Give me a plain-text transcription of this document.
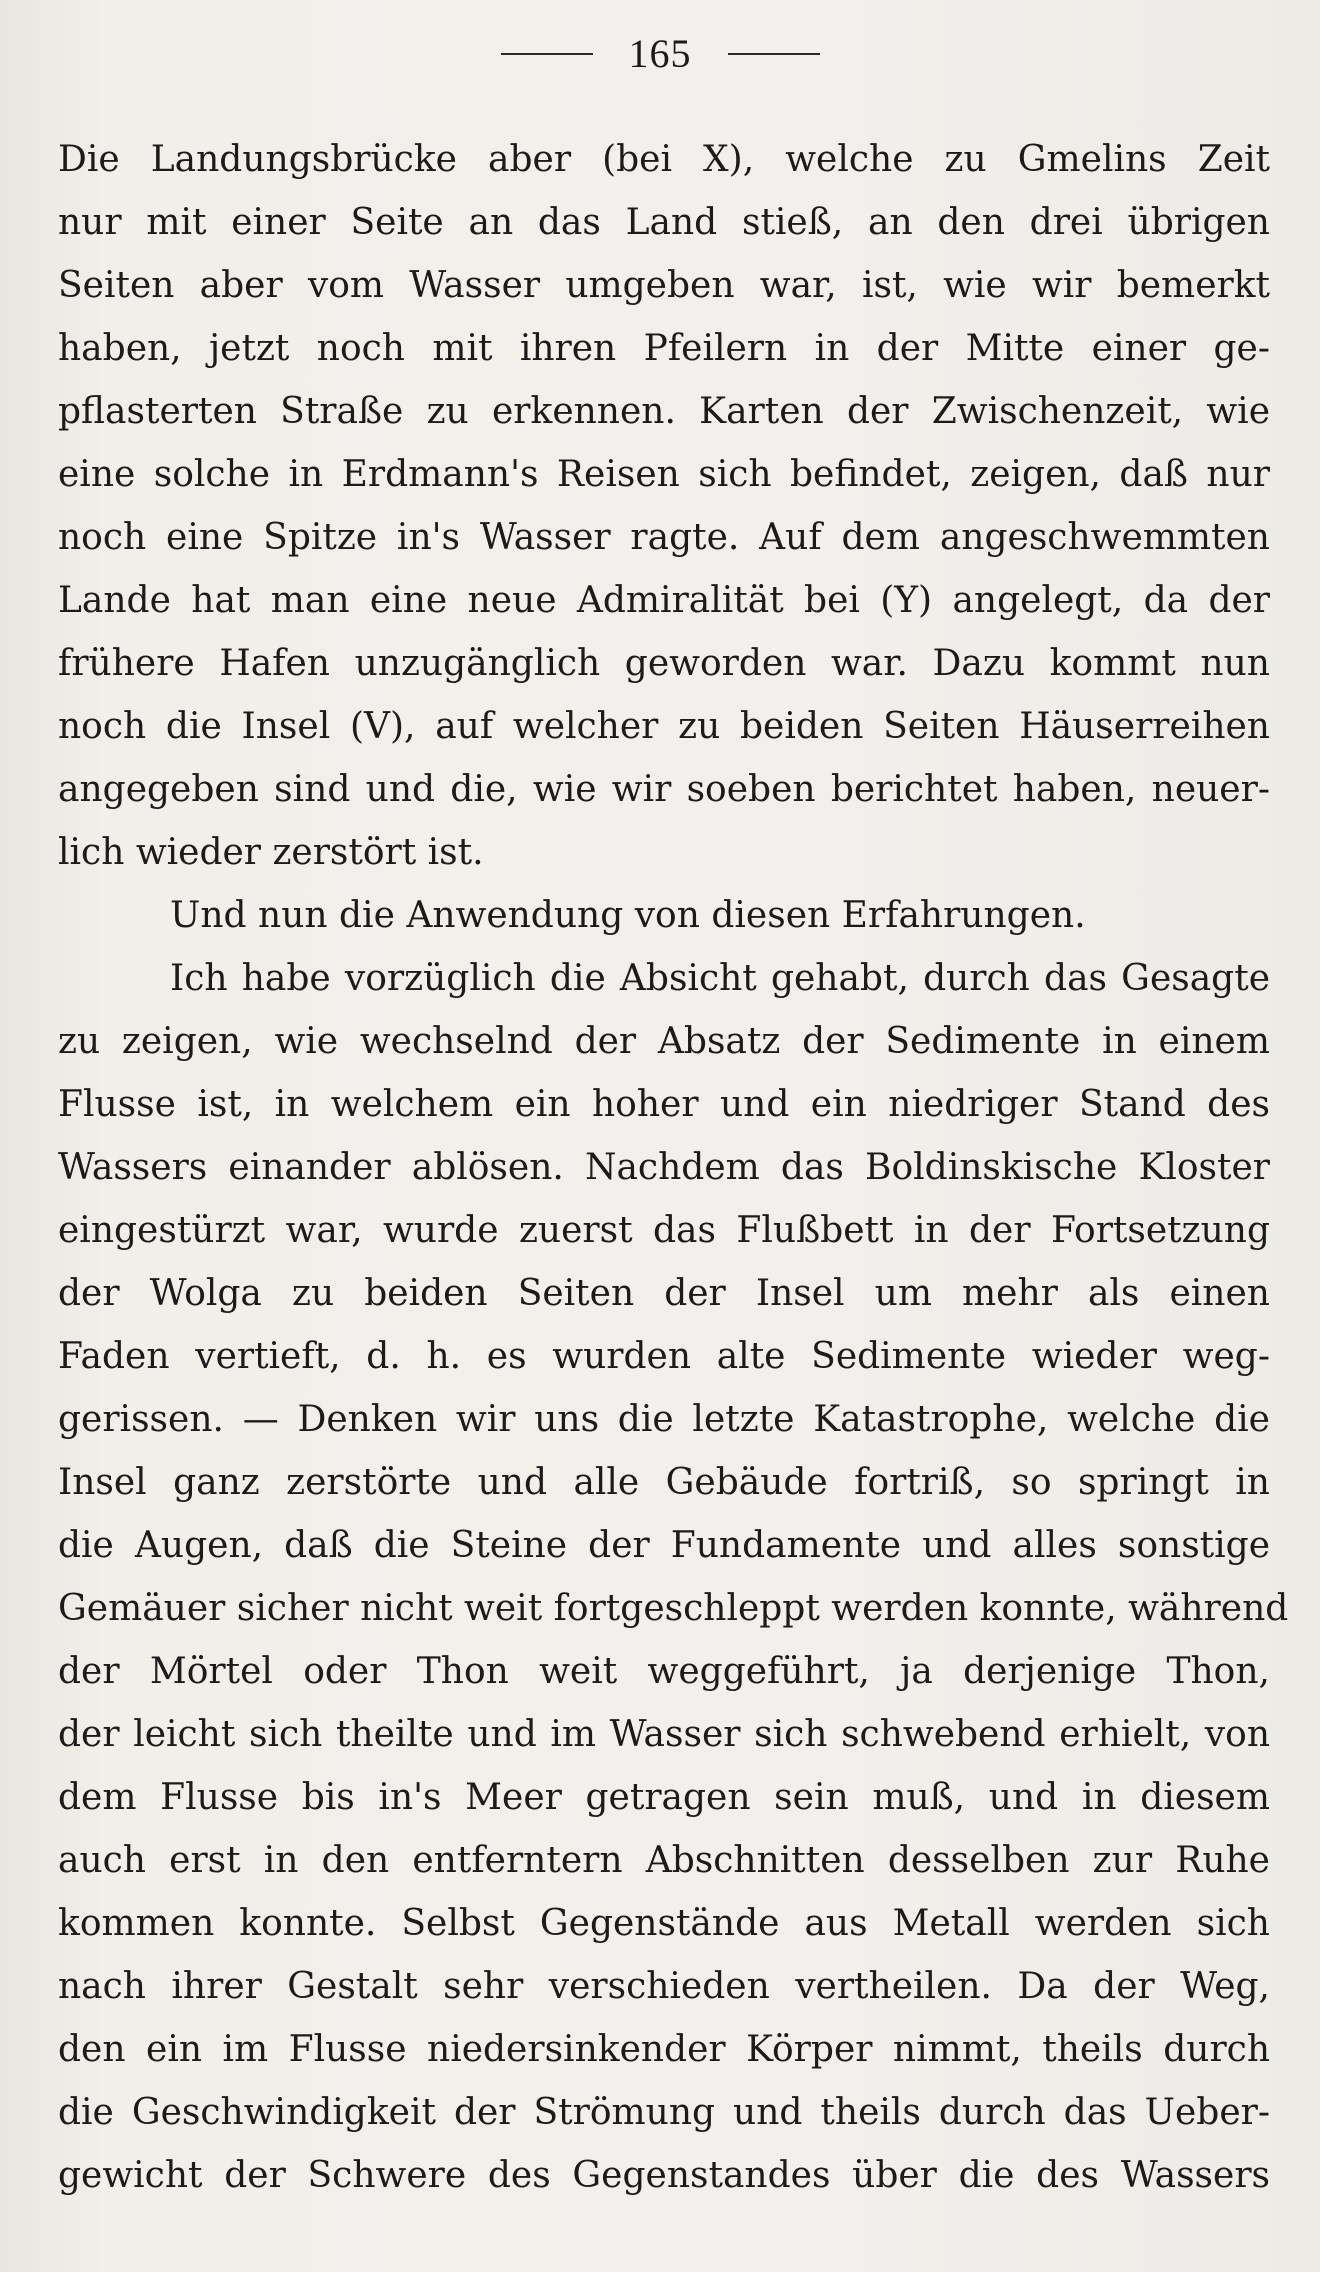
165
Die Landungsbrücke aber (bei X), welche zu Gmelins Zeit
nur mit einer Seite an das Land stieß, an den drei übrigen
Seiten aber vom Wasser umgeben war, ist, wie wir bemerkt
haben, jetzt noch mit ihren Pfeilern in der Mitte einer ge-
pflasterten Straße zu erkennen. Karten der Zwischenzeit, wie
eine solche in Erdmann's Reisen sich befindet, zeigen, daß nur
noch eine Spitze in's Wasser ragte. Auf dem angeschwemmten
Lande hat man eine neue Admiralität bei (Y) angelegt, da der
frühere Hafen unzugänglich geworden war. Dazu kommt nun
noch die Insel (V), auf welcher zu beiden Seiten Häuserreihen
angegeben sind und die, wie wir soeben berichtet haben, neuer-
lich wieder zerstört ist.
Und nun die Anwendung von diesen Erfahrungen.
Ich habe vorzüglich die Absicht gehabt, durch das Gesagte
zu zeigen, wie wechselnd der Absatz der Sedimente in einem
Flusse ist, in welchem ein hoher und ein niedriger Stand des
Wassers einander ablösen. Nachdem das Boldinskische Kloster
eingestürzt war, wurde zuerst das Flußbett in der Fortsetzung
der Wolga zu beiden Seiten der Insel um mehr als einen
Faden vertieft, d. h. es wurden alte Sedimente wieder weg-
gerissen. — Denken wir uns die letzte Katastrophe, welche die
Insel ganz zerstörte und alle Gebäude fortriß, so springt in
die Augen, daß die Steine der Fundamente und alles sonstige
Gemäuer sicher nicht weit fortgeschleppt werden konnte, während
der Mörtel oder Thon weit weggeführt, ja derjenige Thon,
der leicht sich theilte und im Wasser sich schwebend erhielt, von
dem Flusse bis in's Meer getragen sein muß, und in diesem
auch erst in den entferntern Abschnitten desselben zur Ruhe
kommen konnte. Selbst Gegenstände aus Metall werden sich
nach ihrer Gestalt sehr verschieden vertheilen. Da der Weg,
den ein im Flusse niedersinkender Körper nimmt, theils durch
die Geschwindigkeit der Strömung und theils durch das Ueber-
gewicht der Schwere des Gegenstandes über die des Wassers
